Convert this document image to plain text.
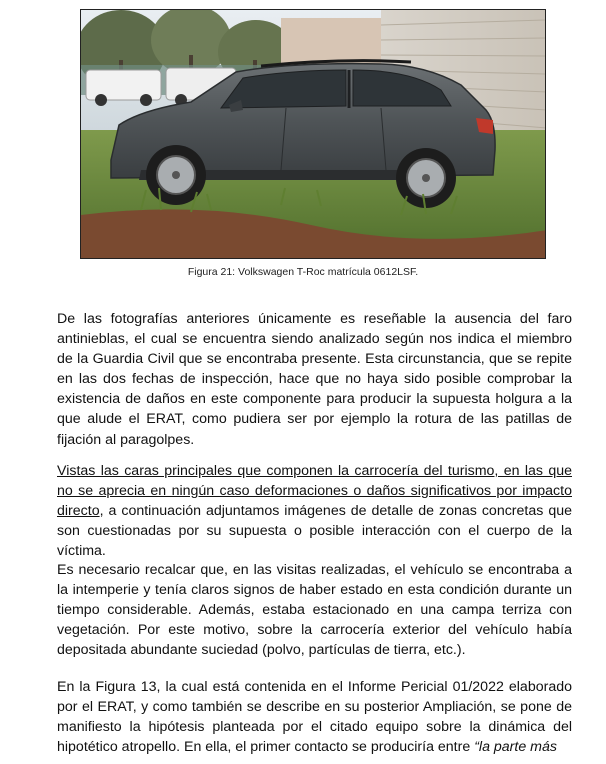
Figura 21: Volkswagen T-Roc matrícula 0612LSF.

De las fotografías anteriores únicamente es reseñable la ausencia del faro antinieblas, el cual se encuentra siendo analizado según nos indica el miembro de la Guardia Civil que se encontraba presente. Esta circunstancia, que se repite en las dos fechas de inspección, hace que no haya sido posible comprobar la existencia de daños en este componente para producir la supuesta holgura a la que alude el ERAT, como pudiera ser por ejemplo la rotura de las patillas de fijación al paragolpes.

Vistas las caras principales que componen la carrocería del turismo, en las que no se aprecia en ningún caso deformaciones o daños significativos por impacto directo, a continuación adjuntamos imágenes de detalle de zonas concretas que son cuestionadas por su supuesta o posible interacción con el cuerpo de la víctima.

Es necesario recalcar que, en las visitas realizadas, el vehículo se encontraba a la intemperie y tenía claros signos de haber estado en esta condición durante un tiempo considerable. Además, estaba estacionado en una campa terriza con vegetación. Por este motivo, sobre la carrocería exterior del vehículo había depositada abundante suciedad (polvo, partículas de tierra, etc.).

En la Figura 13, la cual está contenida en el Informe Pericial 01/2022 elaborado por el ERAT, y como también se describe en su posterior Ampliación, se pone de manifiesto la hipótesis planteada por el citado equipo sobre la dinámica del hipotético atropello. En ella, el primer contacto se produciría entre “la parte más
